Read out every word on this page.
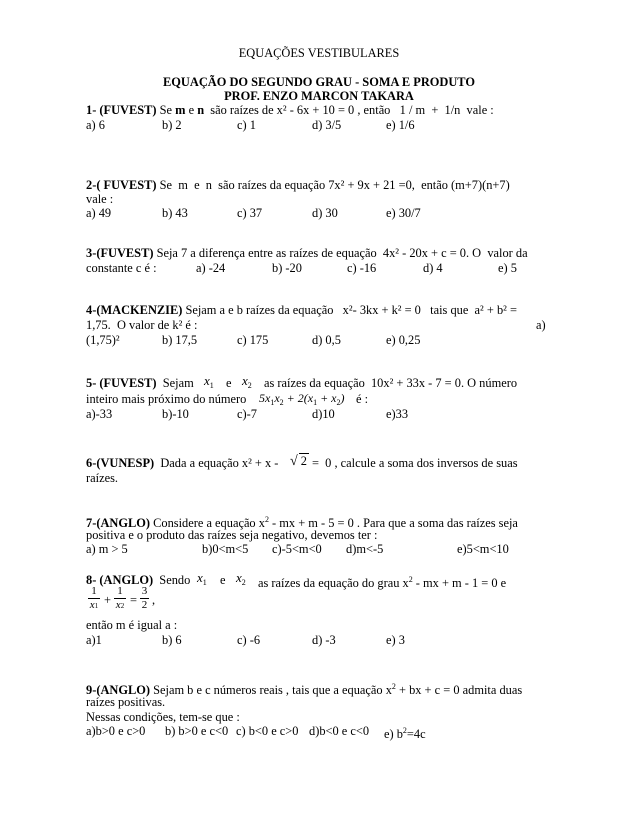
EQUAÇÕES VESTIBULARES
EQUAÇÃO DO SEGUNDO GRAU - SOMA E PRODUTO
PROF. ENZO MARCON TAKARA
1- (FUVEST) Se m e n  são raízes de x² - 6x + 10 = 0 , então   1 / m  +  1/n  vale :
a) 6	b) 2	c) 1	d) 3/5	e) 1/6
2-( FUVEST) Se  m  e  n  são raízes da equação 7x² + 9x + 21 =0,  então (m+7)(n+7)
vale :
a) 49	b) 43	c) 37	d) 30	e) 30/7
3-(FUVEST) Seja 7 a diferença entre as raízes de equação  4x² - 20x + c = 0. O  valor da
constante c é :	a) -24	b) -20	c) -16	d) 4	e) 5
4-(MACKENZIE) Sejam a e b raízes da equação   x²- 3kx + k² = 0   tais que  a² + b² =
1,75.  O valor de k² é :	a)
(1,75)²	b) 17,5	c) 175	d) 0,5	e) 0,25
5- (FUVEST)  Sejam $x_1$ e $x_2$ as raízes da equação  10x² + 33x - 7 = 0. O número
inteiro mais próximo do número $5x_1x_2 + 2(x_1 + x_2)$ é :
a)-33	b)-10	c)-7	d)10	e)33
6-(VUNESP)  Dada a equação x² + x - √ 2 =  0 , calcule a soma dos inversos de suas
raízes.
7-(ANGLO) Considere a equação $x^2$ - mx + m - 5 = 0 . Para que a soma das raízes seja
positiva e o produto das raízes seja negativo, devemos ter :
a) m > 5	b)0<m<5 c)-5<m<0 d)m<-5	e)5<m<10
8- (ANGLO)  Sendo $x_1$ e $x_2$ as raízes da equação do grau $x^2$ - mx + m - 1 = 0 e
1
x1 +
1
x2 =
3
2 ,
então m é igual a :
a)1	b) 6	c) -6	d) -3	e) 3
9-(ANGLO) Sejam b e c números reais , tais que a equação $x^2$ + bx + c = 0 admita duas
raízes positivas.
Nessas condições, tem-se que :
a)b>0 e c>0 b) b>0 e c<0 c) b<0 e c>0 d)b<0 e c<0 e) $b^2=4c$
